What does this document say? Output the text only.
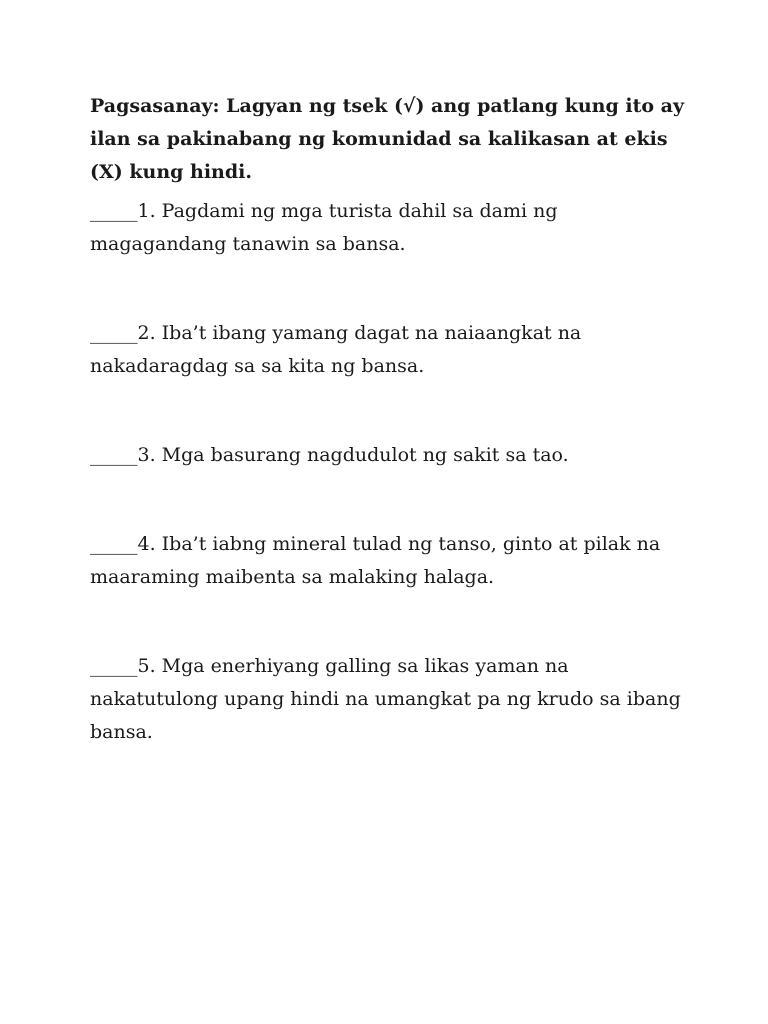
Pagsasanay: Lagyan ng tsek (√) ang patlang kung ito ay ilan sa pakinabang ng komunidad sa kalikasan at ekis (X) kung hindi.

_____1. Pagdami ng mga turista dahil sa dami ng magagandang tanawin sa bansa.

_____2. Iba’t ibang yamang dagat na naiaangkat na nakadaragdag sa sa kita ng bansa.

_____3. Mga basurang nagdudulot ng sakit sa tao.

_____4. Iba’t iabng mineral tulad ng tanso, ginto at pilak na maaraming maibenta sa malaking halaga.

_____5. Mga enerhiyang galling sa likas yaman na nakatutulong upang hindi na umangkat pa ng krudo sa ibang bansa.
